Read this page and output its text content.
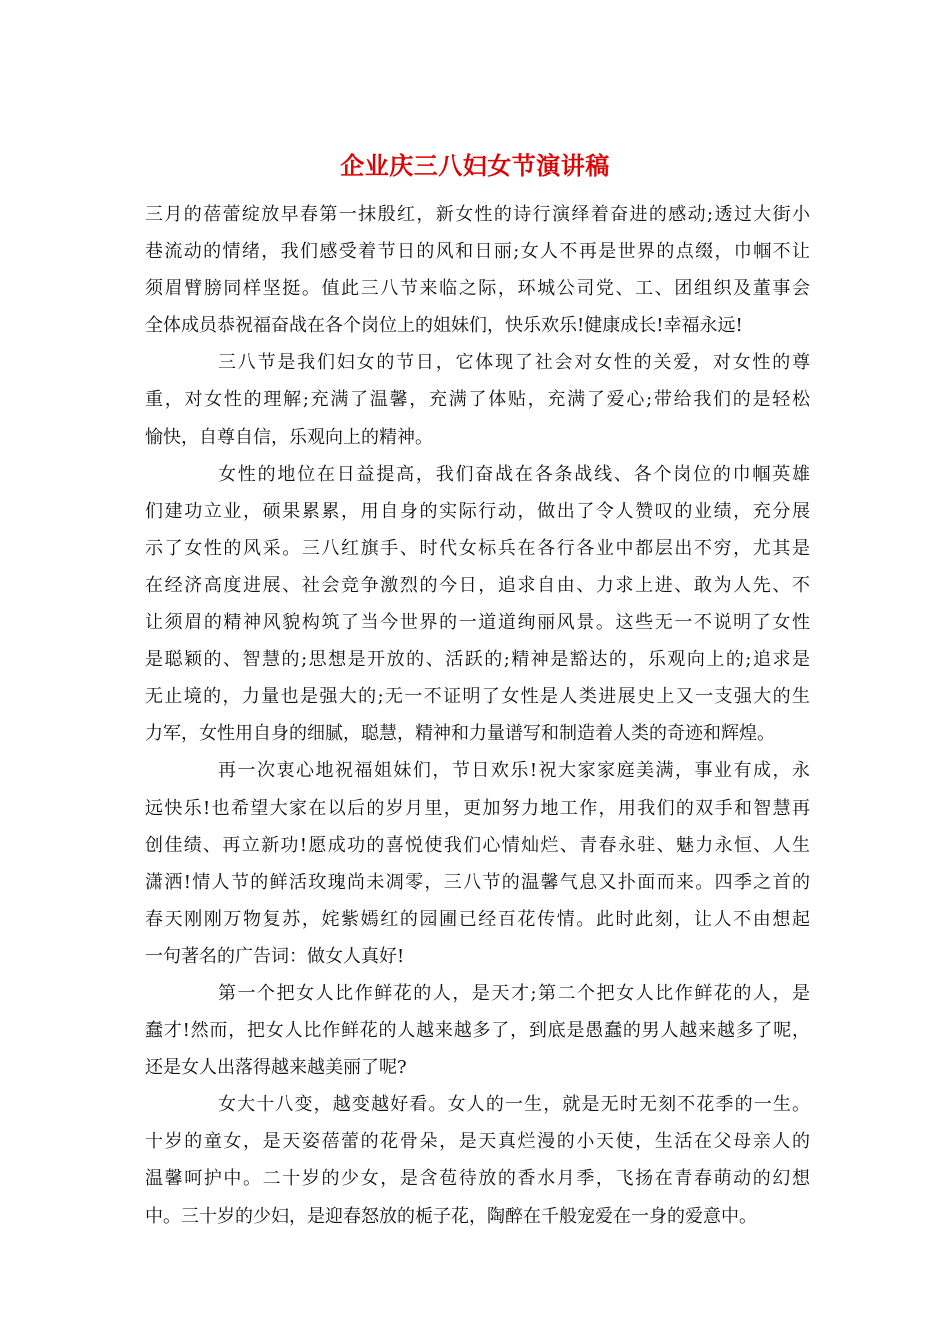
企业庆三八妇女节演讲稿
三月的蓓蕾绽放早春第一抹殷红，新女性的诗行演绎着奋进的感动;透过大街小
巷流动的情绪，我们感受着节日的风和日丽;女人不再是世界的点缀，巾帼不让
须眉臂膀同样坚挺。值此三八节来临之际，环城公司党、工、团组织及董事会
全体成员恭祝福奋战在各个岗位上的姐妹们，快乐欢乐!健康成长!幸福永远!
三八节是我们妇女的节日，它体现了社会对女性的关爱，对女性的尊
重，对女性的理解;充满了温馨，充满了体贴，充满了爱心;带给我们的是轻松
愉快，自尊自信，乐观向上的精神。
女性的地位在日益提高，我们奋战在各条战线、各个岗位的巾帼英雄
们建功立业，硕果累累，用自身的实际行动，做出了令人赞叹的业绩，充分展
示了女性的风采。三八红旗手、时代女标兵在各行各业中都层出不穷，尤其是
在经济高度进展、社会竞争激烈的今日，追求自由、力求上进、敢为人先、不
让须眉的精神风貌构筑了当今世界的一道道绚丽风景。这些无一不说明了女性
是聪颖的、智慧的;思想是开放的、活跃的;精神是豁达的，乐观向上的;追求是
无止境的，力量也是强大的;无一不证明了女性是人类进展史上又一支强大的生
力军，女性用自身的细腻，聪慧，精神和力量谱写和制造着人类的奇迹和辉煌。
再一次衷心地祝福姐妹们，节日欢乐!祝大家家庭美满，事业有成，永
远快乐!也希望大家在以后的岁月里，更加努力地工作，用我们的双手和智慧再
创佳绩、再立新功!愿成功的喜悦使我们心情灿烂、青春永驻、魅力永恒、人生
潇洒!情人节的鲜活玫瑰尚未凋零，三八节的温馨气息又扑面而来。四季之首的
春天刚刚万物复苏，姹紫嫣红的园圃已经百花传情。此时此刻，让人不由想起
一句著名的广告词：做女人真好!
第一个把女人比作鲜花的人，是天才;第二个把女人比作鲜花的人，是
蠢才!然而，把女人比作鲜花的人越来越多了，到底是愚蠢的男人越来越多了呢，
还是女人出落得越来越美丽了呢?
女大十八变，越变越好看。女人的一生，就是无时无刻不花季的一生。
十岁的童女，是天姿蓓蕾的花骨朵，是天真烂漫的小天使，生活在父母亲人的
温馨呵护中。二十岁的少女，是含苞待放的香水月季，飞扬在青春萌动的幻想
中。三十岁的少妇，是迎春怒放的栀子花，陶醉在千般宠爱在一身的爱意中。
